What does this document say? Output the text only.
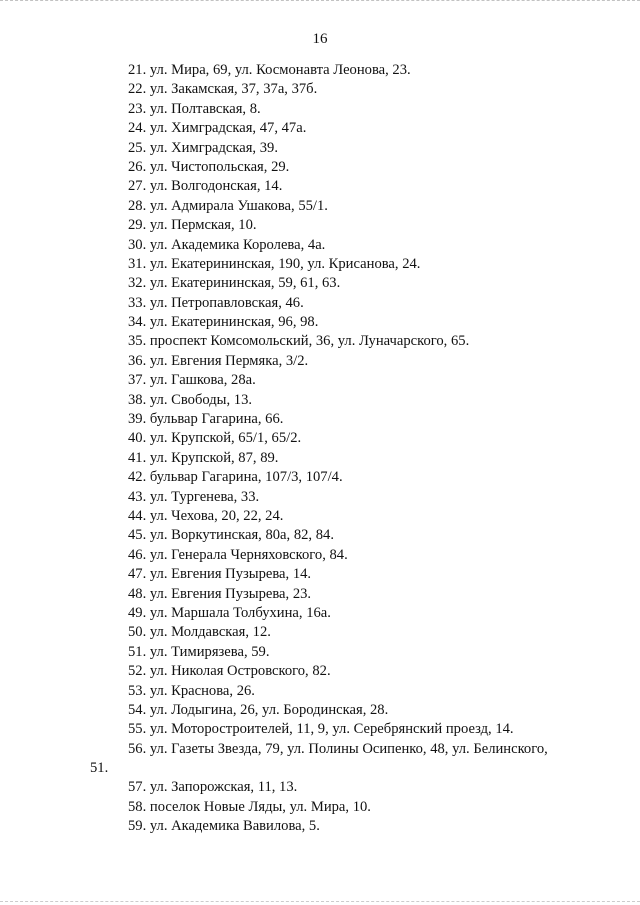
16
21. ул. Мира, 69, ул. Космонавта Леонова, 23.
22. ул. Закамская, 37, 37а, 37б.
23. ул. Полтавская, 8.
24. ул. Химградская, 47, 47а.
25. ул. Химградская, 39.
26. ул. Чистопольская, 29.
27. ул. Волгодонская, 14.
28. ул. Адмирала Ушакова, 55/1.
29. ул. Пермская, 10.
30. ул. Академика Королева, 4а.
31. ул. Екатерининская, 190, ул. Крисанова, 24.
32. ул. Екатерининская, 59, 61, 63.
33. ул. Петропавловская, 46.
34. ул. Екатерининская, 96, 98.
35. проспект Комсомольский, 36, ул. Луначарского, 65.
36. ул. Евгения Пермяка, 3/2.
37. ул. Гашкова, 28а.
38. ул. Свободы, 13.
39. бульвар Гагарина, 66.
40. ул. Крупской, 65/1, 65/2.
41. ул. Крупской, 87, 89.
42. бульвар Гагарина, 107/3, 107/4.
43. ул. Тургенева, 33.
44. ул. Чехова, 20, 22, 24.
45. ул. Воркутинская, 80а, 82, 84.
46. ул. Генерала Черняховского, 84.
47. ул. Евгения Пузырева, 14.
48. ул. Евгения Пузырева, 23.
49. ул. Маршала Толбухина, 16а.
50. ул. Молдавская, 12.
51. ул. Тимирязева, 59.
52. ул. Николая Островского, 82.
53. ул. Краснова, 26.
54. ул. Лодыгина, 26, ул. Бородинская, 28.
55. ул. Моторостроителей, 11, 9, ул. Серебрянский проезд, 14.
56. ул. Газеты Звезда, 79, ул. Полины Осипенко, 48, ул. Белинского,
51.
57. ул. Запорожская, 11, 13.
58. поселок Новые Ляды, ул. Мира, 10.
59. ул. Академика Вавилова, 5.
